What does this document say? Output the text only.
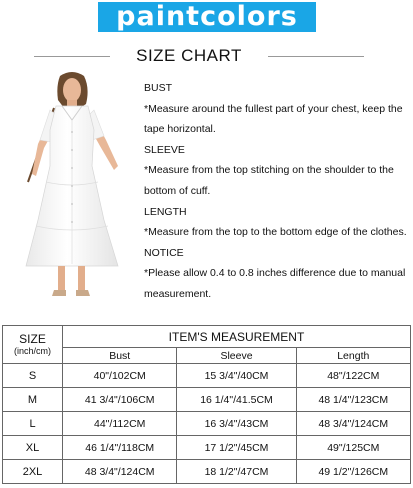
paintcolors
SIZE CHART

BUST

*Measure around the fullest part of your chest, keep the

tape horizontal.

SLEEVE

*Measure from the top stitching on the shoulder to the

bottom of cuff.

LENGTH

*Measure from the top to the bottom edge of the clothes.

NOTICE

*Please allow 0.4 to 0.8 inches difference due to manual

measurement.

SIZE
(inch/cm)	ITEM'S MEASUREMENT		
	Bust	Sleeve	Length
S	40"/102CM	15 3/4"/40CM	48"/122CM
M	41 3/4"/106CM	16 1/4"/41.5CM	48 1/4"/123CM
L	44"/112CM	16 3/4"/43CM	48 3/4"/124CM
XL	46 1/4"/118CM	17 1/2"/45CM	49"/125CM
2XL	48 3/4"/124CM	18 1/2"/47CM	49 1/2"/126CM
